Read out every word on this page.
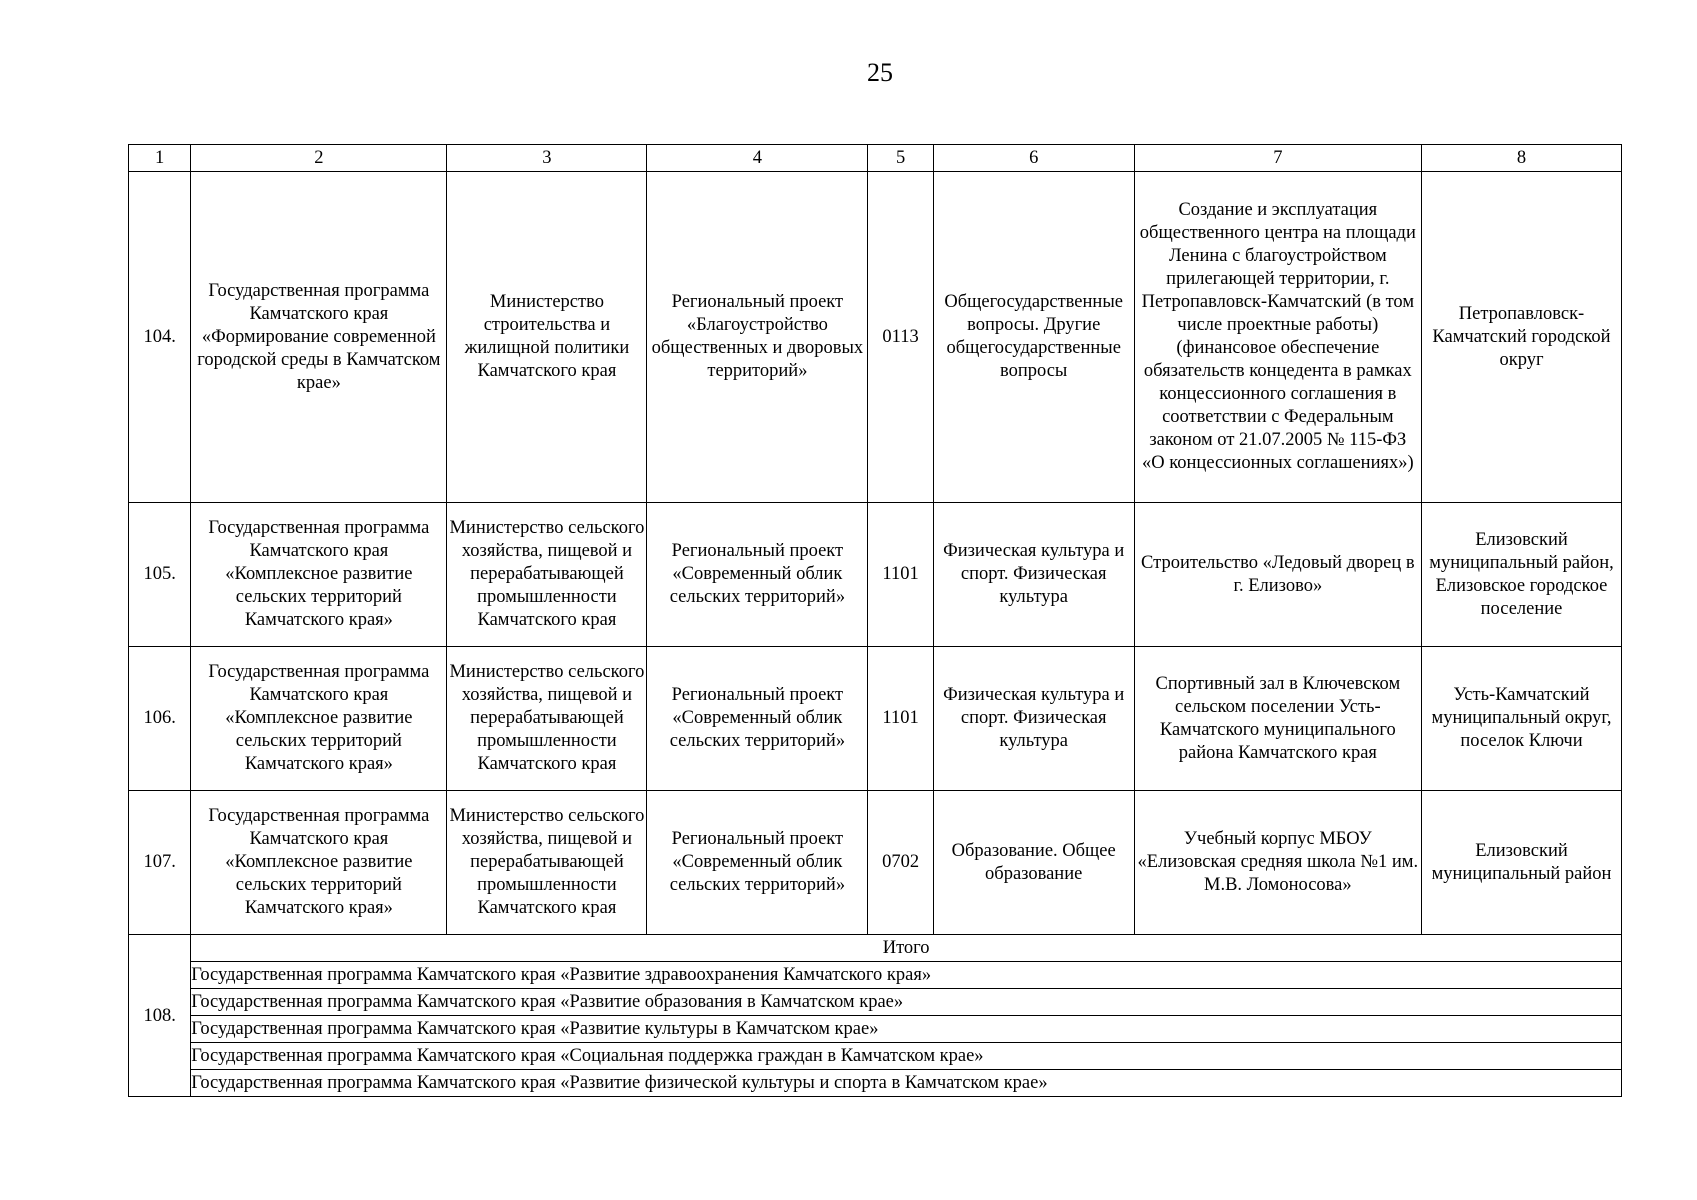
25
1	2	3	4	5	6	7	8
104.	Государственная программа Камчатского края «Формирование современной городской среды в Камчатском крае»	Министерство строительства и жилищной политики Камчатского края	Региональный проект «Благоустройство общественных и дворовых территорий»	0113	Общегосударственные вопросы. Другие общегосударственные вопросы	Создание и эксплуатация общественного центра на площади Ленина с благоустройством прилегающей территории, г. Петропавловск-Камчатский (в том числе проектные работы) (финансовое обеспечение обязательств концедента в рамках концессионного соглашения в соответствии с Федеральным законом от 21.07.2005 № 115-ФЗ «О концессионных соглашениях»)	Петропавловск-Камчатский городской округ
105.	Государственная программа Камчатского края «Комплексное развитие сельских территорий Камчатского края»	Министерство сельского хозяйства, пищевой и перерабатывающей промышленности Камчатского края	Региональный проект «Современный облик сельских территорий»	1101	Физическая культура и спорт. Физическая культура	Строительство «Ледовый дворец в г. Елизово»	Елизовский муниципальный район, Елизовское городское поселение
106.	Государственная программа Камчатского края «Комплексное развитие сельских территорий Камчатского края»	Министерство сельского хозяйства, пищевой и перерабатывающей промышленности Камчатского края	Региональный проект «Современный облик сельских территорий»	1101	Физическая культура и спорт. Физическая культура	Спортивный зал в Ключевском сельском поселении Усть-Камчатского муниципального района Камчатского края	Усть-Камчатский муниципальный округ, поселок Ключи
107.	Государственная программа Камчатского края «Комплексное развитие сельских территорий Камчатского края»	Министерство сельского хозяйства, пищевой и перерабатывающей промышленности Камчатского края	Региональный проект «Современный облик сельских территорий»	0702	Образование. Общее образование	Учебный корпус МБОУ «Елизовская средняя школа №1 им. М.В. Ломоносова»	Елизовский муниципальный район
108.	Итого						
	Государственная программа Камчатского края «Развитие здравоохранения Камчатского края»						
	Государственная программа Камчатского края «Развитие образования в Камчатском крае»						
	Государственная программа Камчатского края «Развитие культуры в Камчатском крае»						
	Государственная программа Камчатского края «Социальная поддержка граждан в Камчатском крае»						
	Государственная программа Камчатского края «Развитие физической культуры и спорта в Камчатском крае»						
